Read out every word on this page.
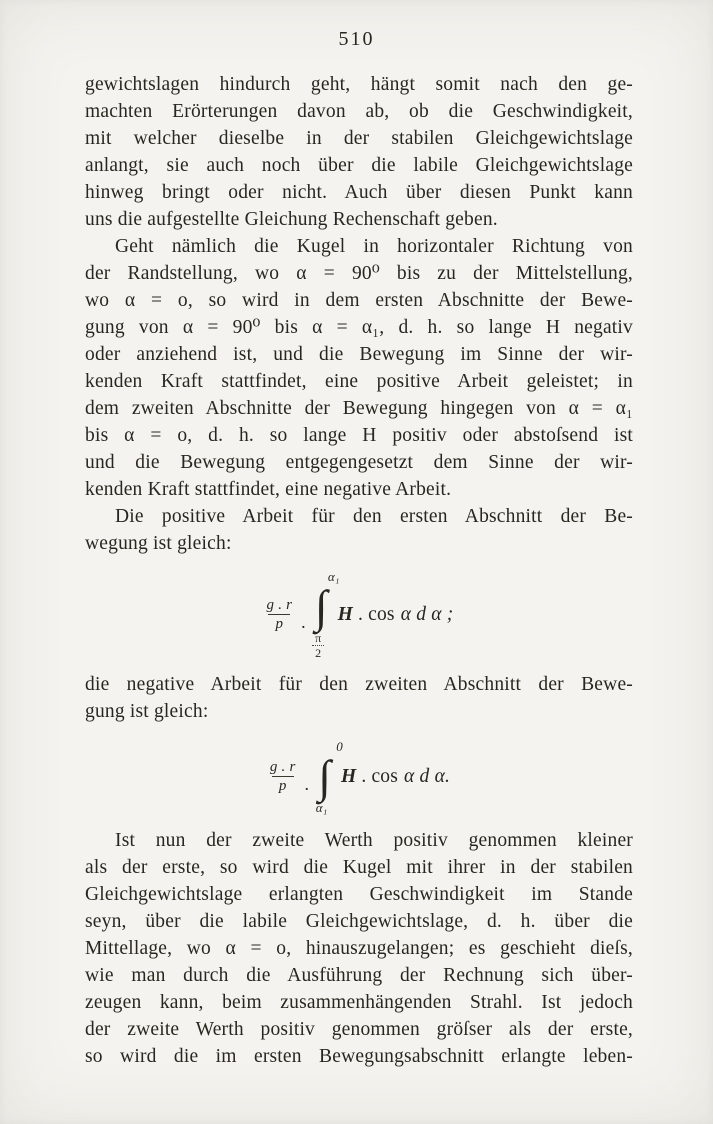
510

gewichtslagen hindurch geht, hängt somit nach den ge-
machten Erörterungen davon ab, ob die Geschwindigkeit,
mit welcher dieselbe in der stabilen Gleichgewichtslage
anlangt, sie auch noch über die labile Gleichgewichtslage
hinweg bringt oder nicht. Auch über diesen Punkt kann
uns die aufgestellte Gleichung Rechenschaft geben.

Geht nämlich die Kugel in horizontaler Richtung von
der Randstellung, wo α = 90⁰ bis zu der Mittelstellung,
wo α = o, so wird in dem ersten Abschnitte der Bewe-
gung von α = 90⁰ bis α = α₁, d. h. so lange H negativ
oder anziehend ist, und die Bewegung im Sinne der wir-
kenden Kraft stattfindet, eine positive Arbeit geleistet; in
dem zweiten Abschnitte der Bewegung hingegen von α = α₁
bis α = o, d. h. so lange H positiv oder abstoſsend ist
und die Bewegung entgegengesetzt dem Sinne der wir-
kenden Kraft stattfindet, eine negative Arbeit.

Die positive Arbeit für den ersten Abschnitt der Be-
wegung ist gleich:

$\frac{g . r}{p}$ .
α₁
∫
$\frac{\pi}{2}$
H . cos α d α ;

die negative Arbeit für den zweiten Abschnitt der Bewe-
gung ist gleich:

$\frac{g . r}{p}$ .
0
∫
α₁
H . cos α d α.

Ist nun der zweite Werth positiv genommen kleiner
als der erste, so wird die Kugel mit ihrer in der stabilen
Gleichgewichtslage erlangten Geschwindigkeit im Stande
seyn, über die labile Gleichgewichtslage, d. h. über die
Mittellage, wo α = o, hinauszugelangen; es geschieht dieſs,
wie man durch die Ausführung der Rechnung sich über-
zeugen kann, beim zusammenhängenden Strahl. Ist jedoch
der zweite Werth positiv genommen gröſser als der erste,
so wird die im ersten Bewegungsabschnitt erlangte leben-
